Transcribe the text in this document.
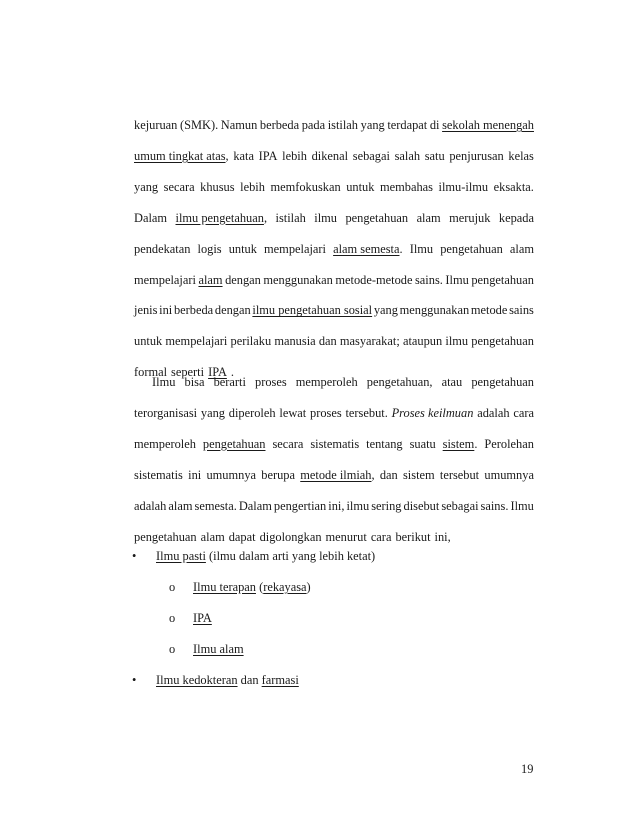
kejuruan (SMK). Namun berbeda pada istilah yang terdapat di sekolah menengah
umum tingkat atas, kata IPA lebih dikenal sebagai salah satu penjurusan kelas
yang secara khusus lebih memfokuskan untuk membahas ilmu-ilmu eksakta.
Dalam ilmu pengetahuan, istilah ilmu pengetahuan alam merujuk kepada
pendekatan logis untuk mempelajari alam semesta. Ilmu pengetahuan alam
mempelajari alam dengan menggunakan metode-metode sains. Ilmu pengetahuan
jenis ini berbeda dengan ilmu pengetahuan sosial yang menggunakan metode sains
untuk mempelajari perilaku manusia dan masyarakat; ataupun ilmu pengetahuan
formal seperti IPA .
Ilmu bisa berarti proses memperoleh pengetahuan, atau pengetahuan
terorganisasi yang diperoleh lewat proses tersebut. Proses keilmuan adalah cara
memperoleh pengetahuan secara sistematis tentang suatu sistem. Perolehan
sistematis ini umumnya berupa metode ilmiah, dan sistem tersebut umumnya
adalah alam semesta. Dalam pengertian ini, ilmu sering disebut sebagai sains. Ilmu
pengetahuan alam dapat digolongkan menurut cara berikut ini,
• Ilmu pasti (ilmu dalam arti yang lebih ketat)
o Ilmu terapan (rekayasa)
o IPA
o Ilmu alam
• Ilmu kedokteran dan farmasi
19
